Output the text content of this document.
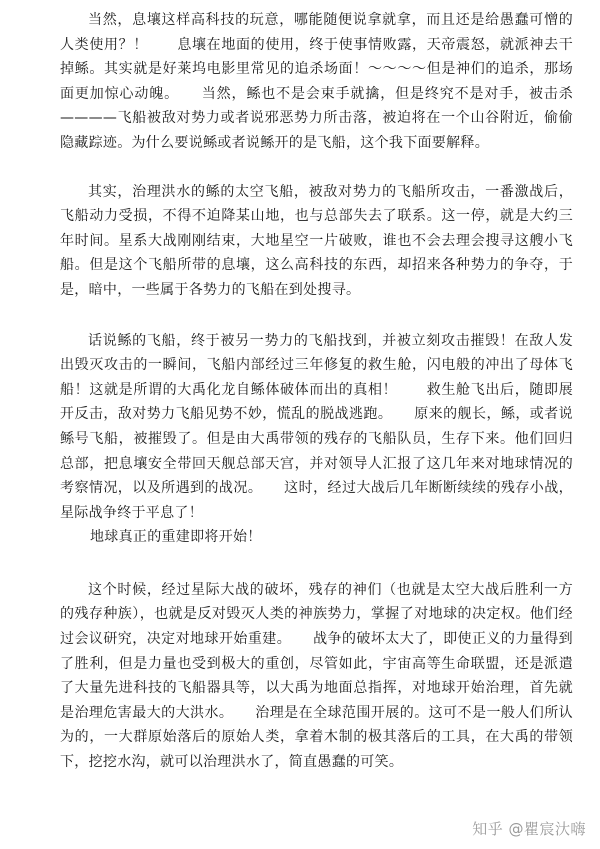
当然，息壤这样高科技的玩意，哪能随便说拿就拿，而且还是给愚蠢可憎的人类使用？！　　息壤在地面的使用，终于使事情败露，天帝震怒，就派神去干掉鲧。其实就是好莱坞电影里常见的追杀场面！～～～～但是神们的追杀，那场面更加惊心动魄。　　当然，鲧也不是会束手就擒，但是终究不是对手，被击杀————飞船被敌对势力或者说邪恶势力所击落，被迫将在一个山谷附近，偷偷隐藏踪迹。为什么要说鲧或者说鲧开的是飞船，这个我下面要解释。

其实，治理洪水的鲧的太空飞船，被敌对势力的飞船所攻击，一番激战后，飞船动力受损，不得不迫降某山地，也与总部失去了联系。这一停，就是大约三年时间。星系大战刚刚结束，大地星空一片破败，谁也不会去理会搜寻这艘小飞船。但是这个飞船所带的息壤，这么高科技的东西，却招来各种势力的争夺，于是，暗中，一些属于各势力的飞船在到处搜寻。

话说鲧的飞船，终于被另一势力的飞船找到，并被立刻攻击摧毁！在敌人发出毁灭攻击的一瞬间，飞船内部经过三年修复的救生舱，闪电般的冲出了母体飞船！这就是所谓的大禹化龙自鲧体破体而出的真相！　　救生舱飞出后，随即展开反击，敌对势力飞船见势不妙，慌乱的脱战逃跑。　　原来的舰长，鲧，或者说鲧号飞船，被摧毁了。但是由大禹带领的残存的飞船队员，生存下来。他们回归总部，把息壤安全带回天舰总部天宫，并对领导人汇报了这几年来对地球情况的考察情况，以及所遇到的战况。　　这时，经过大战后几年断断续续的残存小战，星际战争终于平息了！

地球真正的重建即将开始！

这个时候，经过星际大战的破坏，残存的神们（也就是太空大战后胜利一方的残存种族），也就是反对毁灭人类的神族势力，掌握了对地球的决定权。他们经过会议研究，决定对地球开始重建。　　战争的破坏太大了，即使正义的力量得到了胜利，但是力量也受到极大的重创，尽管如此，宇宙高等生命联盟，还是派遣了大量先进科技的飞船器具等，以大禹为地面总指挥，对地球开始治理，首先就是治理危害最大的大洪水。　　治理是在全球范围开展的。这可不是一般人们所认为的，一大群原始落后的原始人类，拿着木制的极其落后的工具，在大禹的带领下，挖挖水沟，就可以治理洪水了，简直愚蠢的可笑。

知乎 @瞿宸汏嗨
